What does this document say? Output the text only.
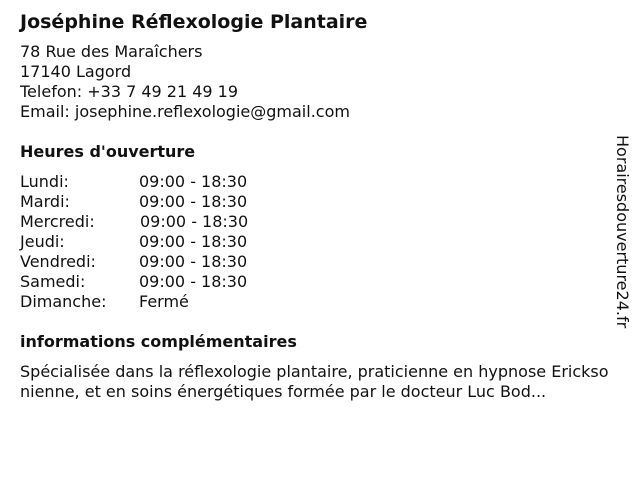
Joséphine Réflexologie Plantaire
78 Rue des Maraîchers
17140 Lagord
Telefon: +33 7 49 21 49 19
Email: josephine.reflexologie@gmail.com
Heures d'ouverture
Lundi:	09:00 - 18:30
Mardi:	09:00 - 18:30
Mercredi:	09:00 - 18:30
Jeudi:	09:00 - 18:30
Vendredi:	09:00 - 18:30
Samedi:	09:00 - 18:30
Dimanche: Fermé
informations complémentaires
Spécialisée dans la réflexologie plantaire, praticienne en hypnose Ericksonienne, et en soins énergétiques formée par le docteur Luc Bod...
Horairesdouverture24.fr
